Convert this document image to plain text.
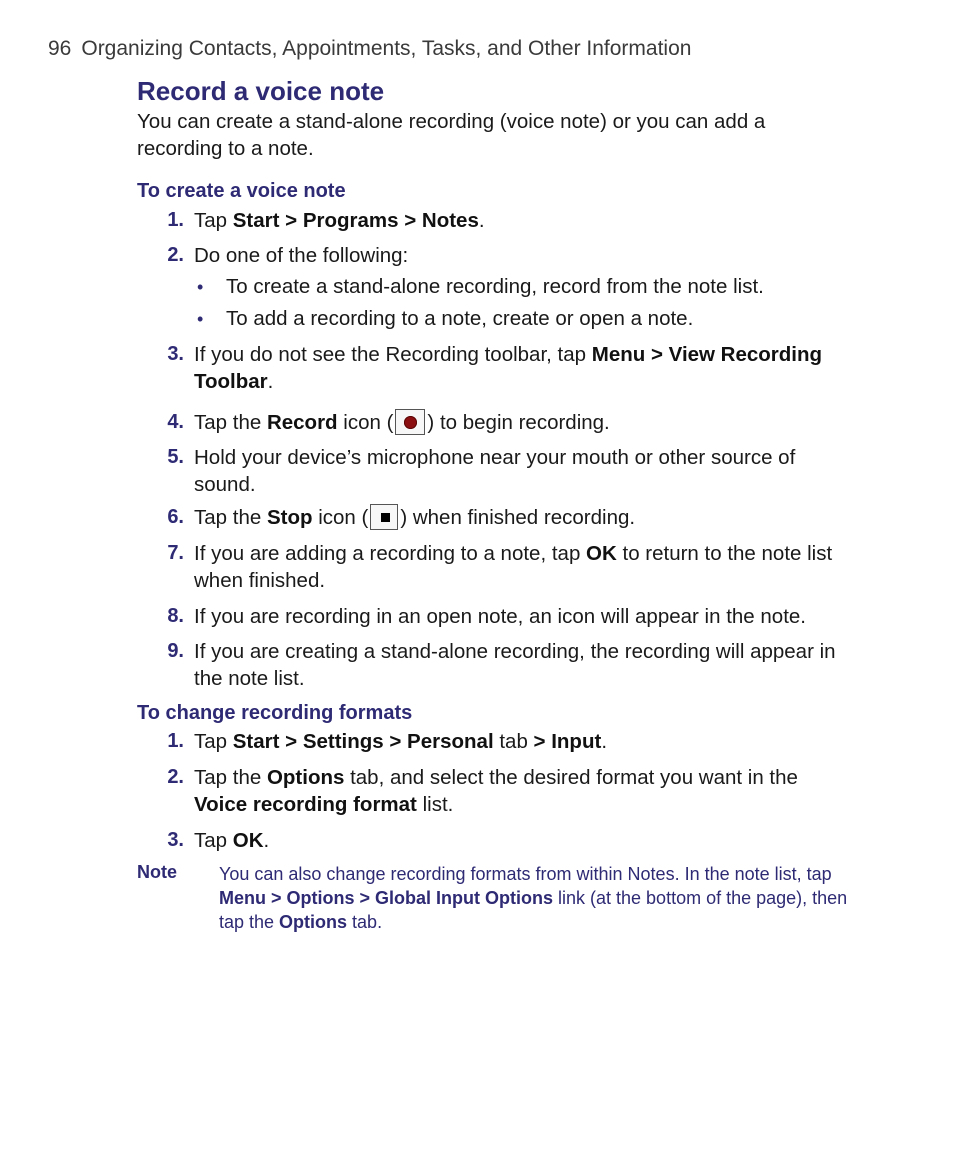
96 Organizing Contacts, Appointments, Tasks, and Other Information
Record a voice note
You can create a stand-alone recording (voice note) or you can add a recording to a note.
To create a voice note
1. Tap Start > Programs > Notes.
2. Do one of the following:
• To create a stand-alone recording, record from the note list.
• To add a recording to a note, create or open a note.
3. If you do not see the Recording toolbar, tap Menu > View Recording Toolbar.
4. Tap the Record icon ( ) to begin recording.
5. Hold your device’s microphone near your mouth or other source of sound.
6. Tap the Stop icon ( ) when finished recording.
7. If you are adding a recording to a note, tap OK to return to the note list when finished.
8. If you are recording in an open note, an icon will appear in the note.
9. If you are creating a stand-alone recording, the recording will appear in the note list.
To change recording formats
1. Tap Start > Settings > Personal tab > Input.
2. Tap the Options tab, and select the desired format you want in the Voice recording format list.
3. Tap OK.
Note You can also change recording formats from within Notes. In the note list, tap Menu > Options > Global Input Options link (at the bottom of the page), then tap the Options tab.
